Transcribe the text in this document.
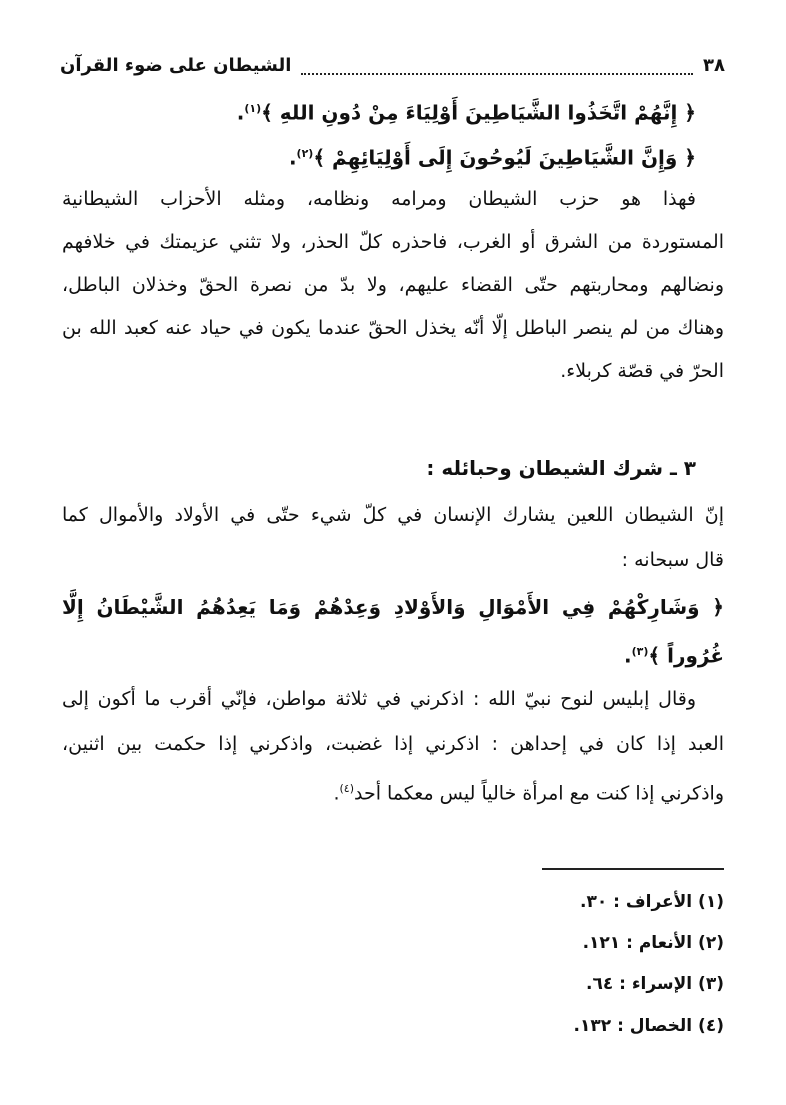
٣٨
الشيطان على ضوء القرآن
﴿ إِنَّهُمْ اتَّخَذُوا الشَّيَاطِينَ أَوْلِيَاءَ مِنْ دُونِ اللهِ ﴾$^{(١)}$.
﴿ وَإِنَّ الشَّيَاطِينَ لَيُوحُونَ إِلَى أَوْلِيَائِهِمْ ﴾$^{(٢)}$.
فهذا هو حزب الشيطان ومرامه ونظامه، ومثله الأحزاب الشيطانية
المستوردة من الشرق أو الغرب، فاحذره كلّ الحذر، ولا تثني عزيمتك في خلافهم
ونضالهم ومحاربتهم حتّى القضاء عليهم، ولا بدّ من نصرة الحقّ وخذلان الباطل،
وهناك من لم ينصر الباطل إلّا أنّه يخذل الحقّ عندما يكون في حياد عنه كعبد الله بن
الحرّ في قصّة كربلاء.
٣ ـ شرك الشيطان وحبائله :
إنّ الشيطان اللعين يشارك الإنسان في كلّ شيء حتّى في الأولاد والأموال كما
قال سبحانه :
﴿ وَشَارِكْهُمْ فِي الأَمْوَالِ وَالأَوْلادِ وَعِدْهُمْ وَمَا يَعِدُهُمُ الشَّيْطَانُ إِلَّا
غُرُوراً ﴾$^{(٣)}$.
وقال إبليس لنوح نبيّ الله : اذكرني في ثلاثة مواطن، فإنّي أقرب ما أكون إلى
العبد إذا كان في إحداهن : اذكرني إذا غضبت، واذكرني إذا حكمت بين اثنين،
واذكرني إذا كنت مع امرأة خالياً ليس معكما أحد$^{(٤)}$.
(١) الأعراف : ٣٠.
(٢) الأنعام : ١٢١.
(٣) الإسراء : ٦٤.
(٤) الخصال : ١٣٢.
